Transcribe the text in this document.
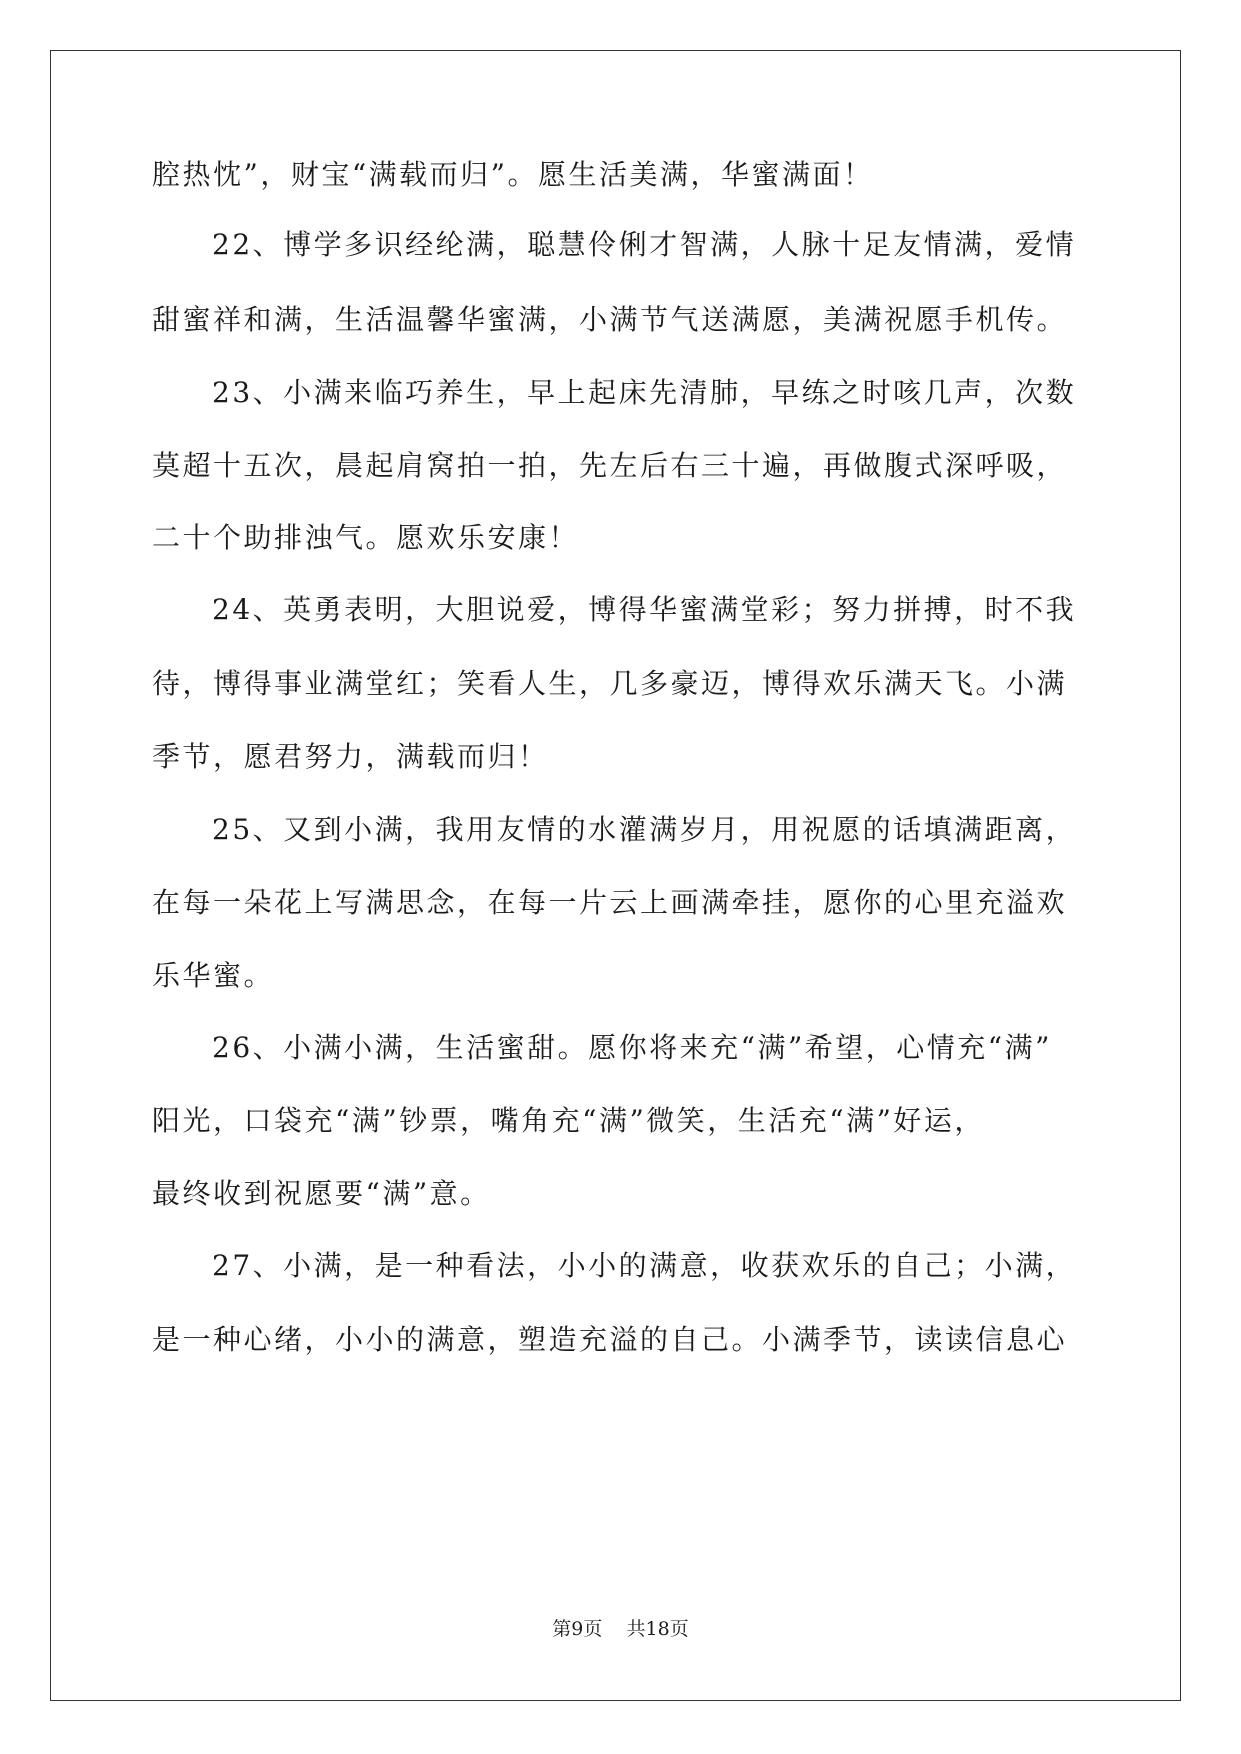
腔热忱”，财宝“满载而归”。愿生活美满，华蜜满面！
22、博学多识经纶满，聪慧伶俐才智满，人脉十足友情满，爱情
甜蜜祥和满，生活温馨华蜜满，小满节气送满愿，美满祝愿手机传。
23、小满来临巧养生，早上起床先清肺，早练之时咳几声，次数
莫超十五次，晨起肩窝拍一拍，先左后右三十遍，再做腹式深呼吸，
二十个助排浊气。愿欢乐安康！
24、英勇表明，大胆说爱，博得华蜜满堂彩；努力拼搏，时不我
待，博得事业满堂红；笑看人生，几多豪迈，博得欢乐满天飞。小满
季节，愿君努力，满载而归！
25、又到小满，我用友情的水灌满岁月，用祝愿的话填满距离，
在每一朵花上写满思念，在每一片云上画满牵挂，愿你的心里充溢欢
乐华蜜。
26、小满小满，生活蜜甜。愿你将来充“满”希望，心情充“满”
阳光，口袋充“满”钞票，嘴角充“满”微笑，生活充“满”好运，
最终收到祝愿要“满”意。
27、小满，是一种看法，小小的满意，收获欢乐的自己；小满，
是一种心绪，小小的满意，塑造充溢的自己。小满季节，读读信息心
第9页    共18页
